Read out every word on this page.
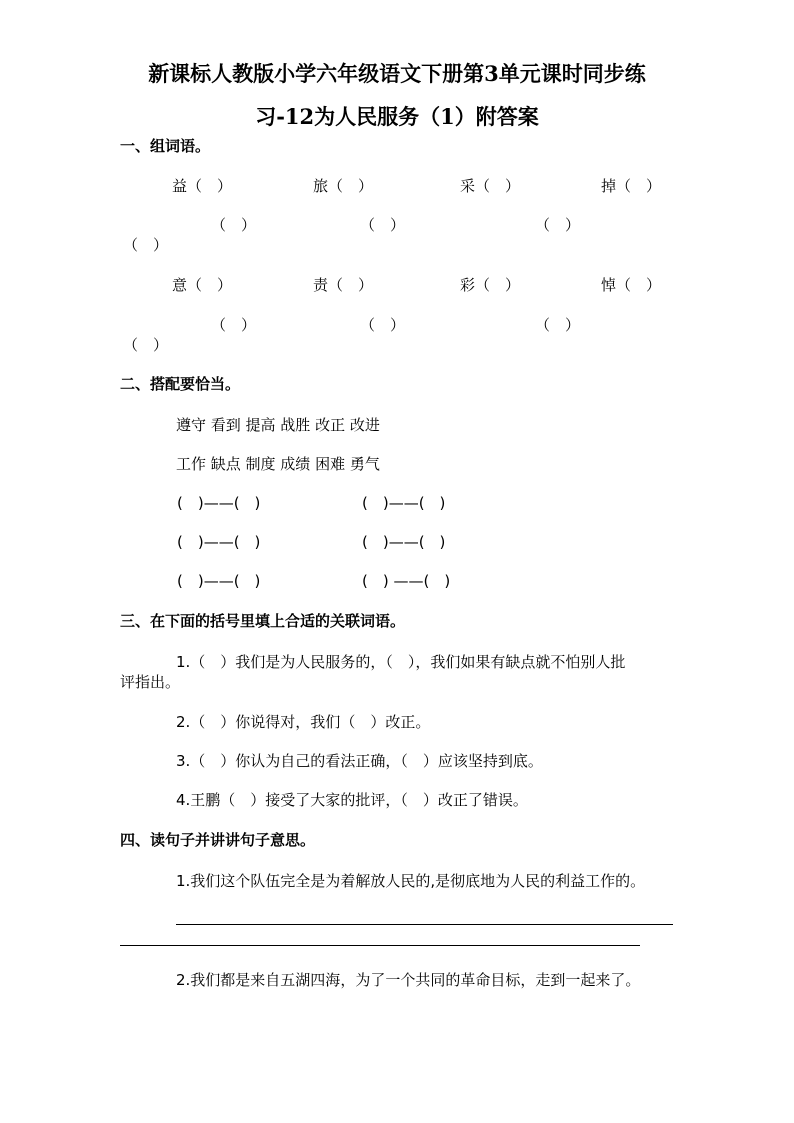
新课标人教版小学六年级语文下册第3单元课时同步练
习-12为人民服务（1）附答案
一、组词语。
益（　）	旅（　）	采（　）	掉（　）
（　）	（　）	（　）
（　）
意（　）	责（　）	彩（　）	悼（　）
（　）	（　）	（　）
（　）
二、搭配要恰当。
遵守 看到 提高 战胜 改正 改进
工作 缺点 制度 成绩 困难 勇气
(　)——(　)	(　)——(　)
(　)——(　)	(　)——(　)
(　)——(　)	(　) ——(　)
三、在下面的括号里填上合适的关联词语。
1.（　）我们是为人民服务的，（　），我们如果有缺点就不怕别人批
评指出。
2.（　）你说得对，我们（　）改正。
3.（　）你认为自己的看法正确，（　）应该坚持到底。
4.王鹏（　）接受了大家的批评，（　）改正了错误。
四、读句子并讲讲句子意思。
1.我们这个队伍完全是为着解放人民的,是彻底地为人民的利益工作的。
2.我们都是来自五湖四海，为了一个共同的革命目标，走到一起来了。
